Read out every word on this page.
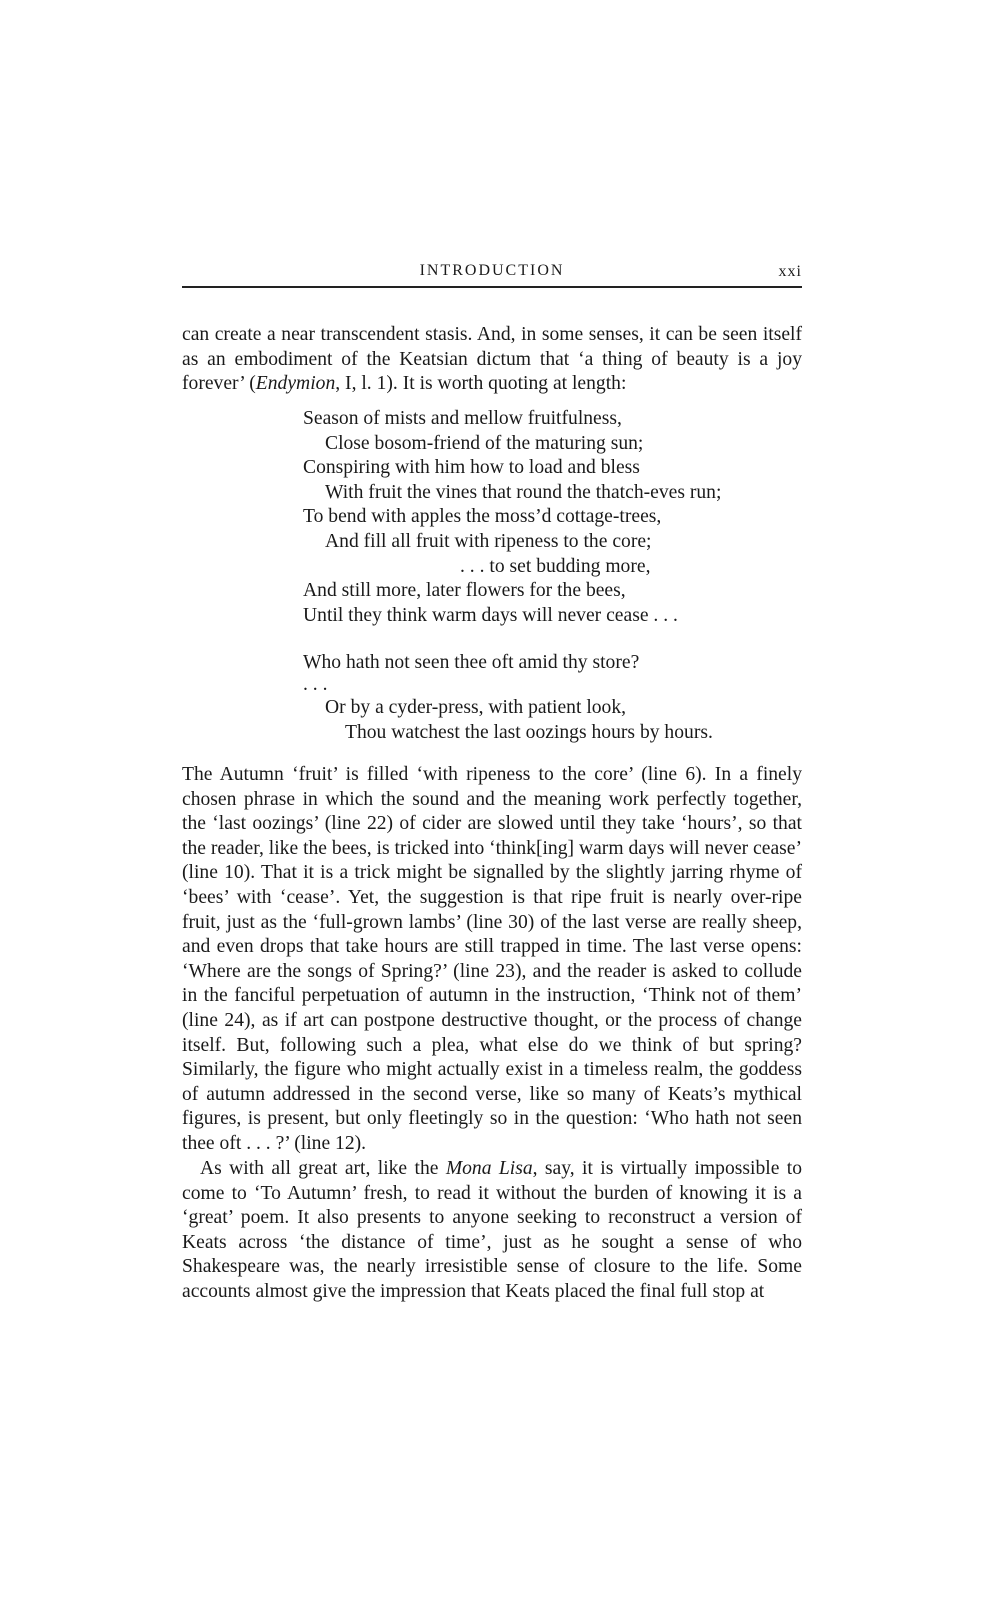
INTRODUCTION	xxi

can create a near transcendent stasis. And, in some senses, it can be seen itself as an embodiment of the Keatsian dictum that ‘a thing of beauty is a joy forever’ (Endymion, I, l. 1). It is worth quoting at length:

Season of mists and mellow fruitfulness,
Close bosom-friend of the maturing sun;
Conspiring with him how to load and bless
With fruit the vines that round the thatch-eves run;
To bend with apples the moss’d cottage-trees,
And fill all fruit with ripeness to the core;
. . . to set budding more,
And still more, later flowers for the bees,
Until they think warm days will never cease . . .
Who hath not seen thee oft amid thy store?
. . .
Or by a cyder-press, with patient look,
Thou watchest the last oozings hours by hours.

The Autumn ‘fruit’ is filled ‘with ripeness to the core’ (line 6). In a finely chosen phrase in which the sound and the meaning work perfectly together, the ‘last oozings’ (line 22) of cider are slowed until they take ‘hours’, so that the reader, like the bees, is tricked into ‘think[ing] warm days will never cease’ (line 10). That it is a trick might be signalled by the slightly jarring rhyme of ‘bees’ with ‘cease’. Yet, the suggestion is that ripe fruit is nearly over-ripe fruit, just as the ‘full-grown lambs’ (line 30) of the last verse are really sheep, and even drops that take hours are still trapped in time. The last verse opens: ‘Where are the songs of Spring?’ (line 23), and the reader is asked to collude in the fanciful perpetuation of autumn in the instruction, ‘Think not of them’ (line 24), as if art can postpone destructive thought, or the process of change itself. But, following such a plea, what else do we think of but spring? Similarly, the figure who might actually exist in a timeless realm, the goddess of autumn addressed in the second verse, like so many of Keats’s mythical figures, is present, but only fleetingly so in the question: ‘Who hath not seen thee oft . . . ?’ (line 12).

As with all great art, like the Mona Lisa, say, it is virtually impossible to come to ‘To Autumn’ fresh, to read it without the burden of knowing it is a ‘great’ poem. It also presents to anyone seeking to reconstruct a version of Keats across ‘the distance of time’, just as he sought a sense of who Shakespeare was, the nearly irresistible sense of closure to the life. Some accounts almost give the impression that Keats placed the final full stop at
